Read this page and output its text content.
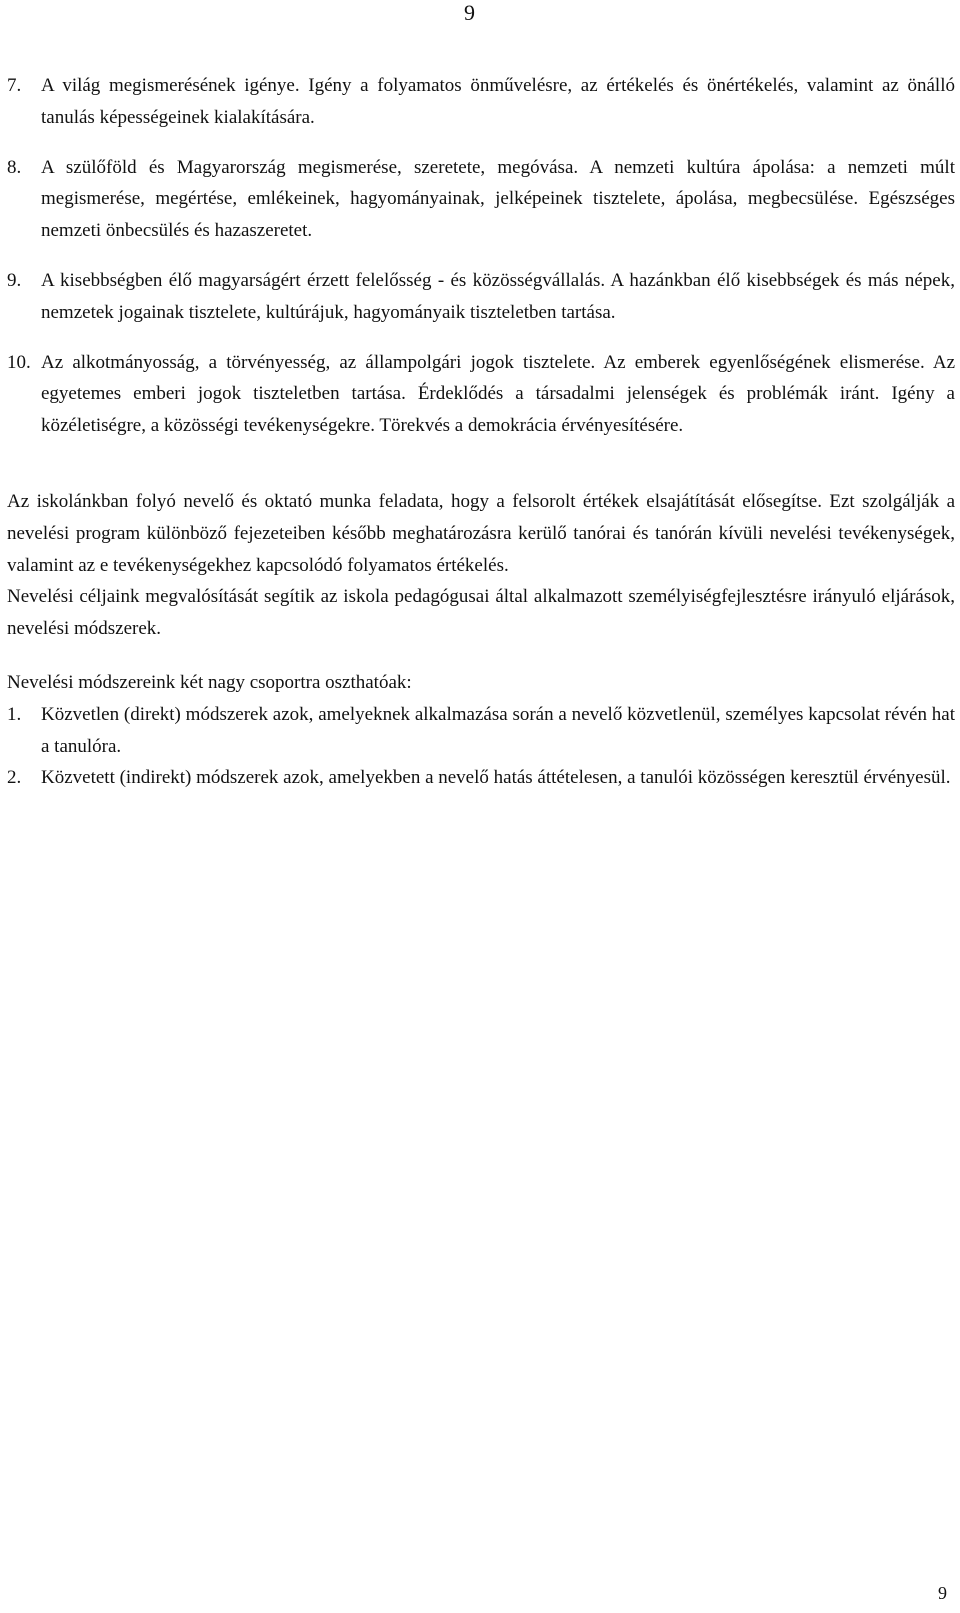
9

7. A világ megismerésének igénye. Igény a folyamatos önművelésre, az értékelés és önértékelés, valamint az önálló tanulás képességeinek kialakítására.

8. A szülőföld és Magyarország megismerése, szeretete, megóvása. A nemzeti kultúra ápolása: a nemzeti múlt megismerése, megértése, emlékeinek, hagyományainak, jelképeinek tisztelete, ápolása, megbecsülése. Egészséges nemzeti önbecsülés és hazaszeretet.

9. A kisebbségben élő magyarságért érzett felelősség - és közösségvállalás. A hazánkban élő kisebbségek és más népek, nemzetek jogainak tisztelete, kultúrájuk, hagyományaik tiszteletben tartása.

10. Az alkotmányosság, a törvényesség, az állampolgári jogok tisztelete. Az emberek egyenlőségének elismerése. Az egyetemes emberi jogok tiszteletben tartása. Érdeklődés a társadalmi jelenségek és problémák iránt. Igény a közéletiségre, a közösségi tevékenységekre. Törekvés a demokrácia érvényesítésére.

Az iskolánkban folyó nevelő és oktató munka feladata, hogy a felsorolt értékek elsajátítását elősegítse. Ezt szolgálják a nevelési program különböző fejezeteiben később meghatározásra kerülő tanórai és tanórán kívüli nevelési tevékenységek, valamint az e tevékenységekhez kapcsolódó folyamatos értékelés.

Nevelési céljaink megvalósítását segítik az iskola pedagógusai által alkalmazott személyiségfejlesztésre irányuló eljárások, nevelési módszerek.

Nevelési módszereink két nagy csoportra oszthatóak:

1. Közvetlen (direkt) módszerek azok, amelyeknek alkalmazása során a nevelő közvetlenül, személyes kapcsolat révén hat a tanulóra.

2. Közvetett (indirekt) módszerek azok, amelyekben a nevelő hatás áttételesen, a tanulói közösségen keresztül érvényesül.

9
